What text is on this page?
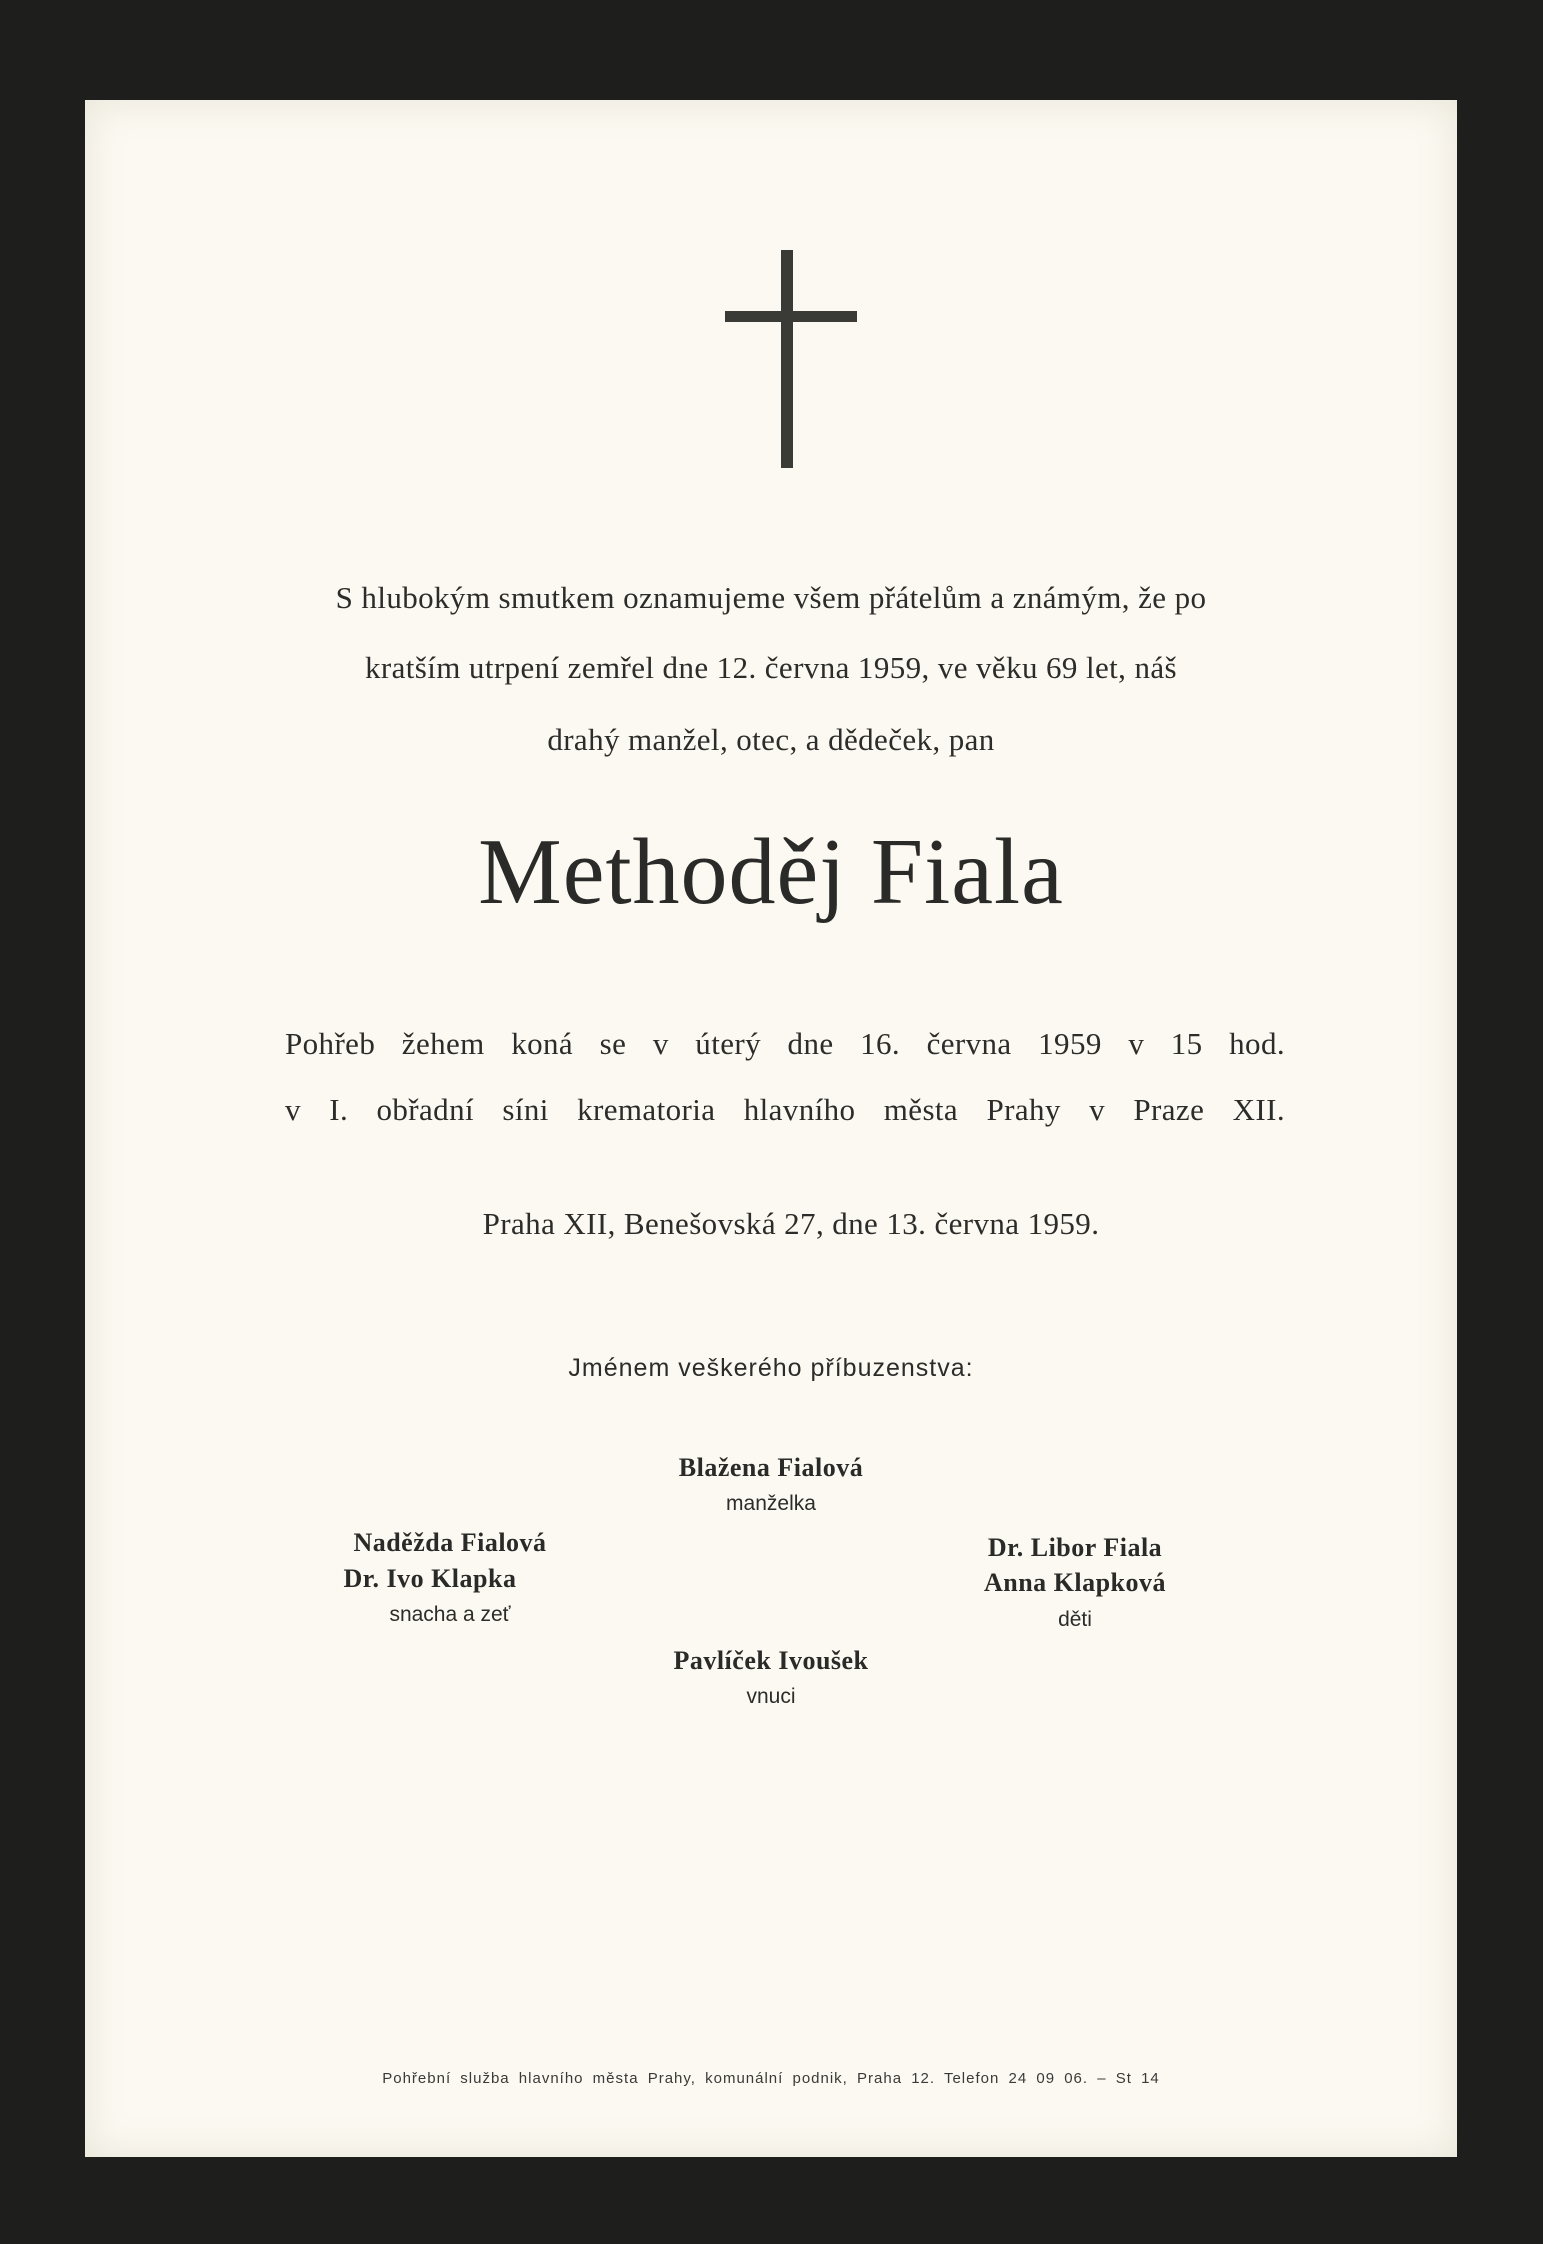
S hlubokým smutkem oznamujeme všem přátelům a známým, že po
kratším utrpení zemřel dne 12. června 1959, ve věku 69 let, náš
drahý manžel, otec, a dědeček, pan
Methoděj Fiala
Pohřeb žehem koná se v úterý dne 16. června 1959 v 15 hod.
v I. obřadní síni krematoria hlavního města Prahy v Praze XII.
Praha XII, Benešovská 27, dne 13. června 1959.
Jménem veškerého příbuzenstva:
Blažena Fialová
manželka
Naděžda Fialová
Dr. Ivo Klapka
snacha a zeť
Dr. Libor Fiala
Anna Klapková
děti
Pavlíček Ivoušek
vnuci
Pohřební služba hlavního města Prahy, komunální podnik, Praha 12. Telefon 24 09 06. – St 14
